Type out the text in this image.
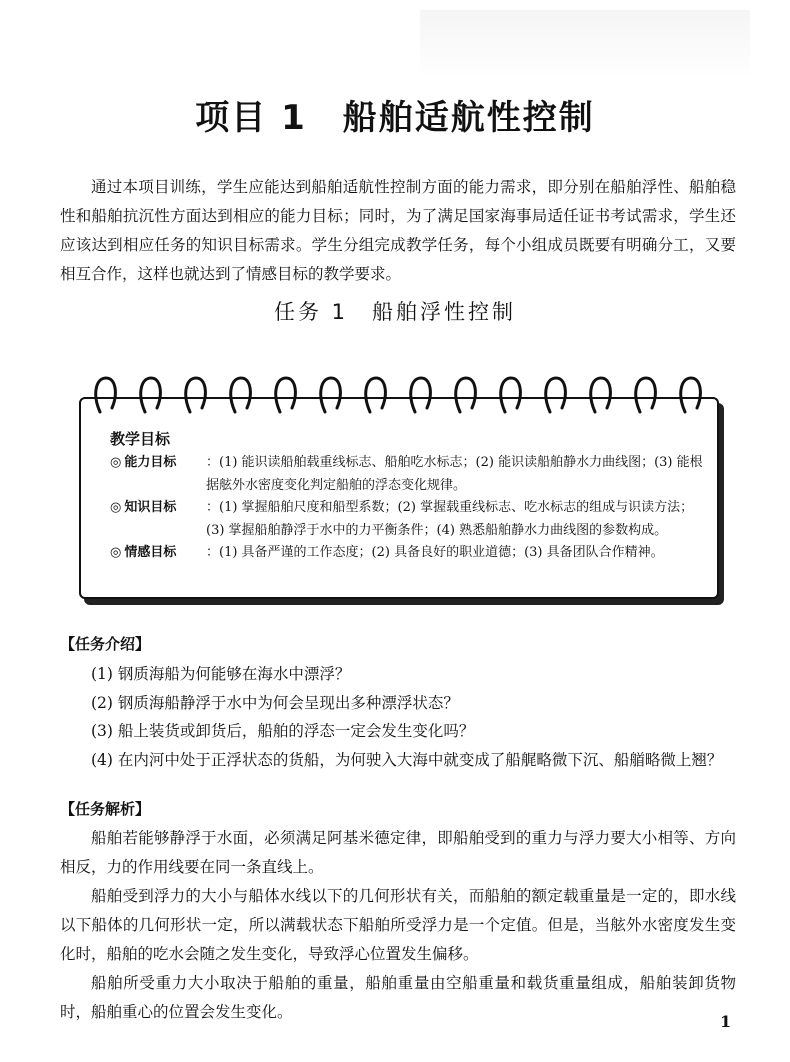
项目 1　船舶适航性控制

通过本项目训练，学生应能达到船舶适航性控制方面的能力需求，即分别在船舶浮性、船舶稳性和船舶抗沉性方面达到相应的能力目标；同时，为了满足国家海事局适任证书考试需求，学生还应该达到相应任务的知识目标需求。学生分组完成教学任务，每个小组成员既要有明确分工，又要相互合作，这样也就达到了情感目标的教学要求。

任务 1　船舶浮性控制
教学目标

◎ 能力目标 ：(1) 能识读船舶载重线标志、船舶吃水标志；(2) 能识读船舶静水力曲线图；(3) 能根据舷外水密度变化判定船舶的浮态变化规律。

◎ 知识目标 ：(1) 掌握船舶尺度和船型系数；(2) 掌握载重线标志、吃水标志的组成与识读方法；(3) 掌握船舶静浮于水中的力平衡条件；(4) 熟悉船舶静水力曲线图的参数构成。

◎ 情感目标 ：(1) 具备严谨的工作态度；(2) 具备良好的职业道德；(3) 具备团队合作精神。

【任务介绍】

(1) 钢质海船为何能够在海水中漂浮？

(2) 钢质海船静浮于水中为何会呈现出多种漂浮状态？

(3) 船上装货或卸货后，船舶的浮态一定会发生变化吗？

(4) 在内河中处于正浮状态的货船，为何驶入大海中就变成了船艉略微下沉、船艏略微上翘？

【任务解析】

船舶若能够静浮于水面，必须满足阿基米德定律，即船舶受到的重力与浮力要大小相等、方向相反，力的作用线要在同一条直线上。

船舶受到浮力的大小与船体水线以下的几何形状有关，而船舶的额定载重量是一定的，即水线以下船体的几何形状一定，所以满载状态下船舶所受浮力是一个定值。但是，当舷外水密度发生变化时，船舶的吃水会随之发生变化，导致浮心位置发生偏移。

船舶所受重力大小取决于船舶的重量，船舶重量由空船重量和载货重量组成，船舶装卸货物时，船舶重心的位置会发生变化。	1
